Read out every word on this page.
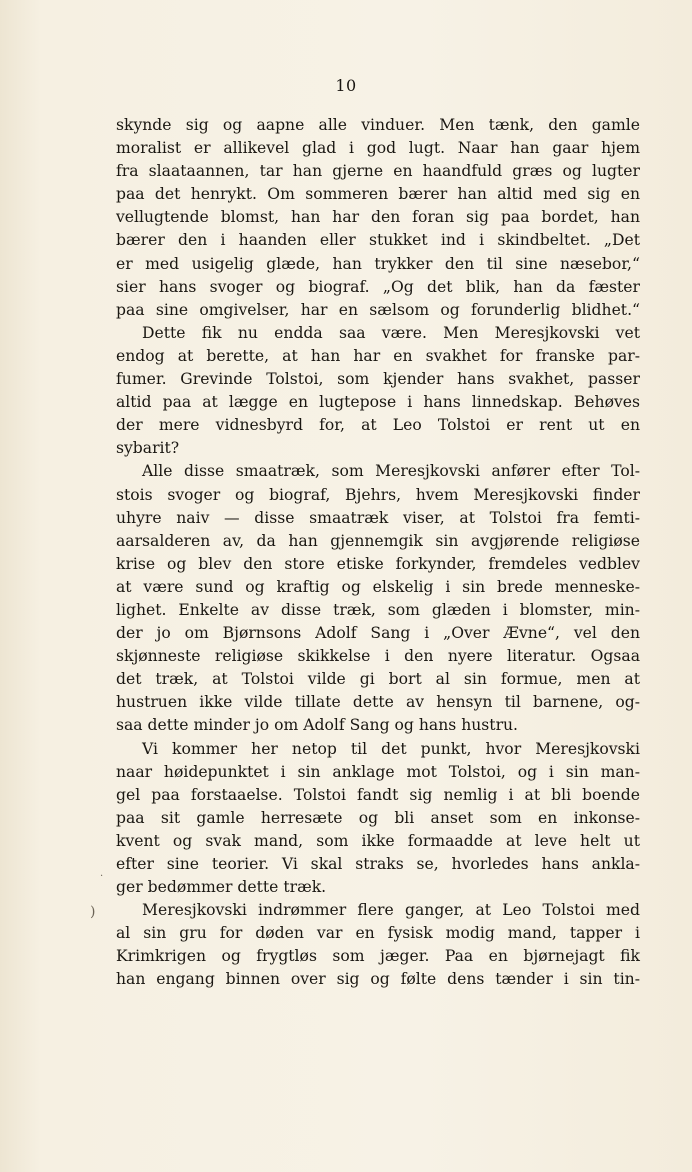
10
skynde sig og aapne alle vinduer. Men tænk, den gamle
moralist er allikevel glad i god lugt. Naar han gaar hjem
fra slaataannen, tar han gjerne en haandfuld græs og lugter
paa det henrykt. Om sommeren bærer han altid med sig en
vellugtende blomst, han har den foran sig paa bordet, han
bærer den i haanden eller stukket ind i skindbeltet. „Det
er med usigelig glæde, han trykker den til sine næsebor,“
sier hans svoger og biograf. „Og det blik, han da fæster
paa sine omgivelser, har en sælsom og forunderlig blidhet.“
Dette fik nu endda saa være. Men Meresjkovski vet
endog at berette, at han har en svakhet for franske par-
fumer. Grevinde Tolstoi, som kjender hans svakhet, passer
altid paa at lægge en lugtepose i hans linnedskap. Behøves
der mere vidnesbyrd for, at Leo Tolstoi er rent ut en
sybarit?
Alle disse smaatræk, som Meresjkovski anfører efter Tol-
stois svoger og biograf, Bjehrs, hvem Meresjkovski finder
uhyre naiv — disse smaatræk viser, at Tolstoi fra femti-
aarsalderen av, da han gjennemgik sin avgjørende religiøse
krise og blev den store etiske forkynder, fremdeles vedblev
at være sund og kraftig og elskelig i sin brede menneske-
lighet. Enkelte av disse træk, som glæden i blomster, min-
der jo om Bjørnsons Adolf Sang i „Over Ævne“, vel den
skjønneste religiøse skikkelse i den nyere literatur. Ogsaa
det træk, at Tolstoi vilde gi bort al sin formue, men at
hustruen ikke vilde tillate dette av hensyn til barnene, og-
saa dette minder jo om Adolf Sang og hans hustru.
Vi kommer her netop til det punkt, hvor Meresjkovski
naar høidepunktet i sin anklage mot Tolstoi, og i sin man-
gel paa forstaaelse. Tolstoi fandt sig nemlig i at bli boende
paa sit gamle herresæte og bli anset som en inkonse-
kvent og svak mand, som ikke formaadde at leve helt ut
efter sine teorier. Vi skal straks se, hvorledes hans ankla-
ger bedømmer dette træk.
Meresjkovski indrømmer flere ganger, at Leo Tolstoi med
al sin gru for døden var en fysisk modig mand, tapper i
Krimkrigen og frygtløs som jæger. Paa en bjørnejagt fik
han engang binnen over sig og følte dens tænder i sin tin-
)
.
